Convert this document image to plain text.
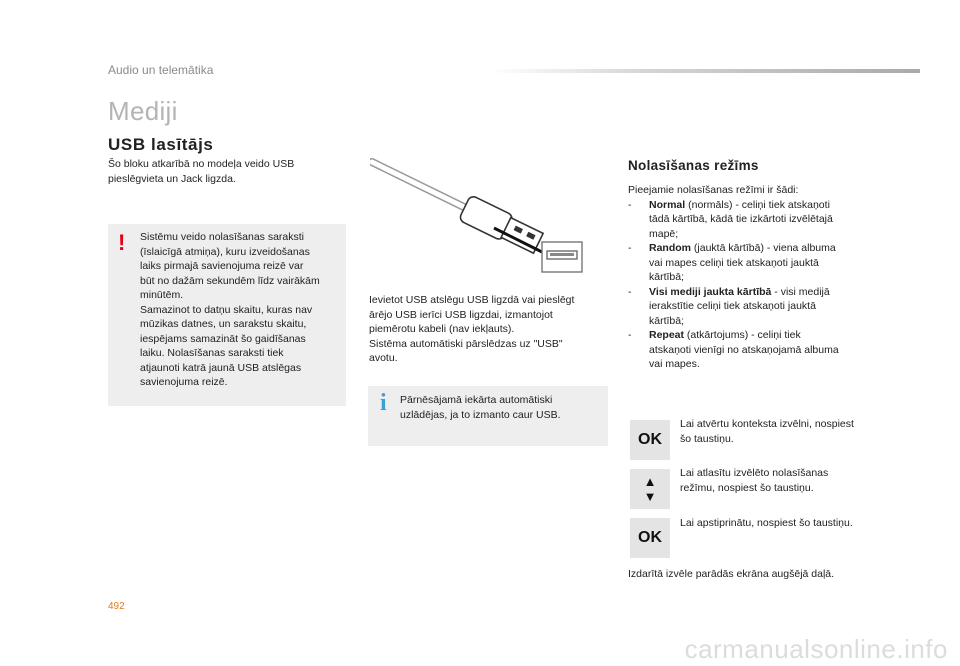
Audio un telemātika
Mediji
USB lasītājs
Šo bloku atkarībā no modeļa veido USB
pieslēgvieta un Jack ligzda.
! Sistēmu veido nolasīšanas saraksti
(īslaicīgā atmiņa), kuru izveidošanas
laiks pirmajā savienojuma reizē var
būt no dažām sekundēm līdz vairākām
minūtēm.
Samazinot to datņu skaitu, kuras nav
mūzikas datnes, un sarakstu skaitu,
iespējams samazināt šo gaidīšanas
laiku. Nolasīšanas saraksti tiek
atjaunoti katrā jaunā USB atslēgas
savienojuma reizē.
Ievietot USB atslēgu USB ligzdā vai pieslēgt
ārējo USB ierīci USB ligzdai, izmantojot
piemērotu kabeli (nav iekļauts).
Sistēma automātiski pārslēdzas uz "USB"
avotu.
i Pārnēsājamā iekārta automātiski
uzlādējas, ja to izmanto caur USB.
Nolasīšanas režīms
Pieejamie nolasīšanas režīmi ir šādi:
-	Normal (normāls) - celiņi tiek atskaņoti
tādā kārtībā, kādā tie izkārtoti izvēlētajā
mapē;
-	Random (jauktā kārtībā) - viena albuma
vai mapes celiņi tiek atskaņoti jauktā
kārtībā;
-	Visi mediji jaukta kārtībā - visi medijā
ierakstītie celiņi tiek atskaņoti jauktā
kārtībā;
-	Repeat (atkārtojums) - celiņi tiek
atskaņoti vienīgi no atskaņojamā albuma
vai mapes.
OK
Lai atvērtu konteksta izvēlni, nospiest
šo taustiņu.
▲
▼
Lai atlasītu izvēlēto nolasīšanas
režīmu, nospiest šo taustiņu.
OK
Lai apstiprinātu, nospiest šo taustiņu.
Izdarītā izvēle parādās ekrāna augšējā daļā.
492
carmanualsonline.info
